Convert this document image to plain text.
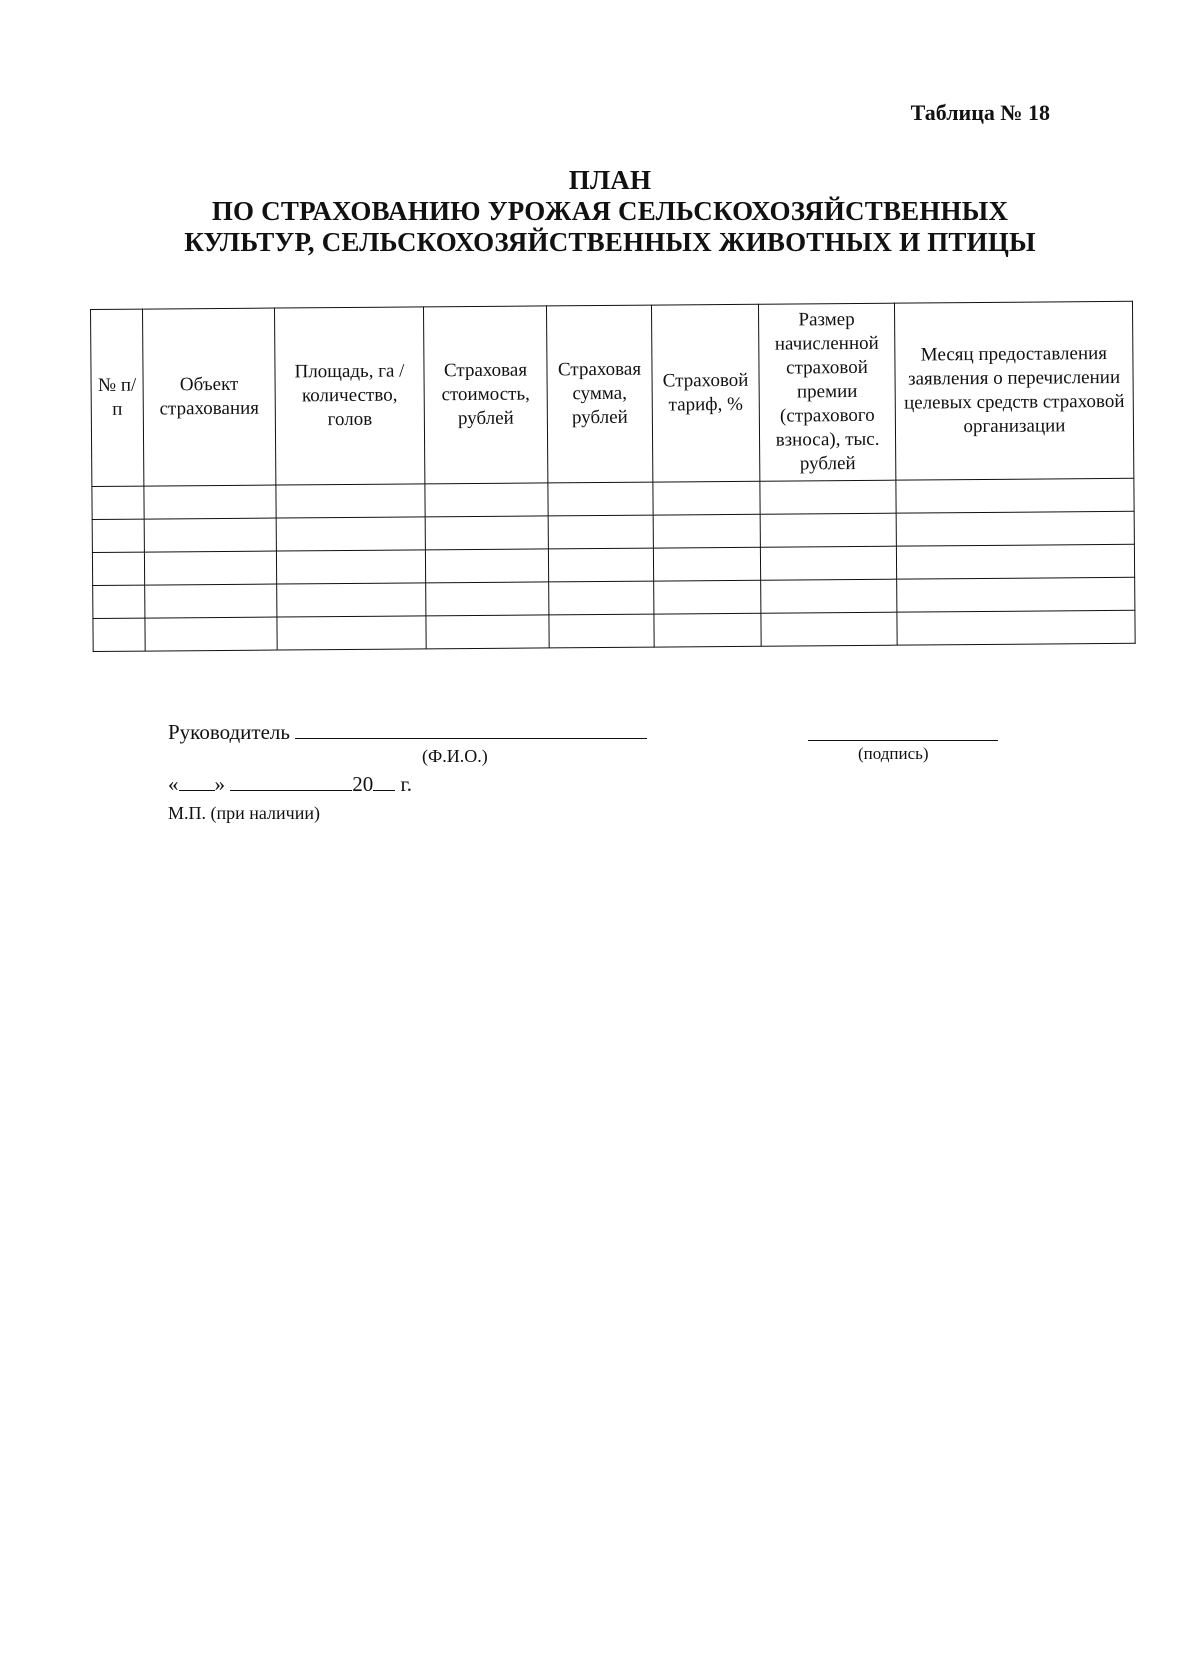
Таблица № 18
ПЛАН
ПО СТРАХОВАНИЮ УРОЖАЯ СЕЛЬСКОХОЗЯЙСТВЕННЫХ
КУЛЬТУР, СЕЛЬСКОХОЗЯЙСТВЕННЫХ ЖИВОТНЫХ И ПТИЦЫ
№ п/п	Объект страхования	Площадь, га / количество, голов	Страховая стоимость, рублей	Страховая сумма, рублей	Страховой тариф, %	Размер начисленной страховой премии (страхового взноса), тыс. рублей	Месяц предоставления заявления о перечислении целевых средств страховой организации

Руководитель
(Ф.И.О.)	(подпись)
« »	20 г.
М.П. (при наличии)
